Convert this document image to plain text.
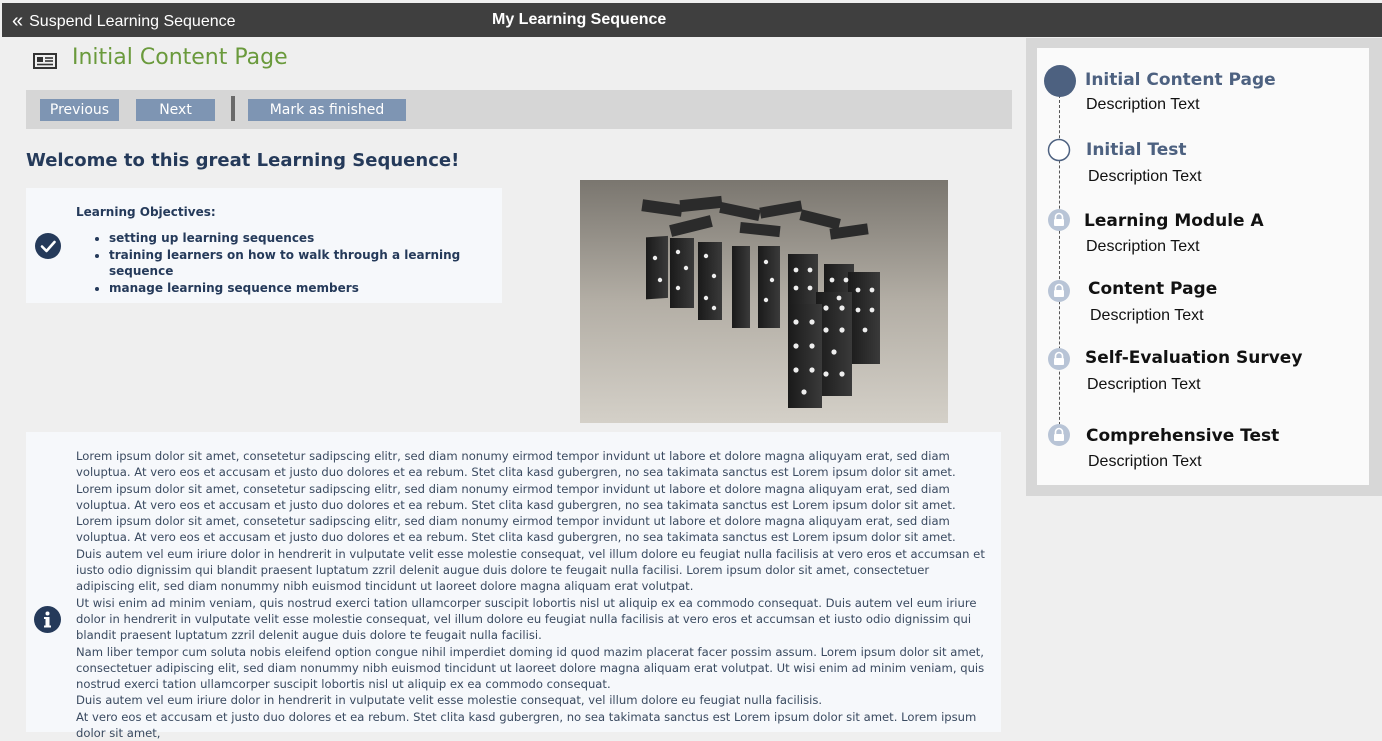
« Suspend Learning Sequence	My Learning Sequence
Initial Content Page
Previous	Next	Mark as finished
Welcome to this great Learning Sequence!
Learning Objectives:
• setting up learning sequences
• training learners on how to walk through a learning sequence
• manage learning sequence members

Lorem ipsum dolor sit amet, consetetur sadipscing elitr, sed diam nonumy eirmod tempor invidunt ut labore et dolore magna aliquyam erat, sed diam voluptua. At vero eos et accusam et justo duo dolores et ea rebum. Stet clita kasd gubergren, no sea takimata sanctus est Lorem ipsum dolor sit amet. Lorem ipsum dolor sit amet, consetetur sadipscing elitr, sed diam nonumy eirmod tempor invidunt ut labore et dolore magna aliquyam erat, sed diam voluptua. At vero eos et accusam et justo duo dolores et ea rebum. Stet clita kasd gubergren, no sea takimata sanctus est Lorem ipsum dolor sit amet. Lorem ipsum dolor sit amet, consetetur sadipscing elitr, sed diam nonumy eirmod tempor invidunt ut labore et dolore magna aliquyam erat, sed diam voluptua. At vero eos et accusam et justo duo dolores et ea rebum. Stet clita kasd gubergren, no sea takimata sanctus est Lorem ipsum dolor sit amet.

Duis autem vel eum iriure dolor in hendrerit in vulputate velit esse molestie consequat, vel illum dolore eu feugiat nulla facilisis at vero eros et accumsan et iusto odio dignissim qui blandit praesent luptatum zzril delenit augue duis dolore te feugait nulla facilisi. Lorem ipsum dolor sit amet, consectetuer adipiscing elit, sed diam nonummy nibh euismod tincidunt ut laoreet dolore magna aliquam erat volutpat.

Ut wisi enim ad minim veniam, quis nostrud exerci tation ullamcorper suscipit lobortis nisl ut aliquip ex ea commodo consequat. Duis autem vel eum iriure dolor in hendrerit in vulputate velit esse molestie consequat, vel illum dolore eu feugiat nulla facilisis at vero eros et accumsan et iusto odio dignissim qui blandit praesent luptatum zzril delenit augue duis dolore te feugait nulla facilisi.

Nam liber tempor cum soluta nobis eleifend option congue nihil imperdiet doming id quod mazim placerat facer possim assum. Lorem ipsum dolor sit amet, consectetuer adipiscing elit, sed diam nonummy nibh euismod tincidunt ut laoreet dolore magna aliquam erat volutpat. Ut wisi enim ad minim veniam, quis nostrud exerci tation ullamcorper suscipit lobortis nisl ut aliquip ex ea commodo consequat.

Duis autem vel eum iriure dolor in hendrerit in vulputate velit esse molestie consequat, vel illum dolore eu feugiat nulla facilisis.

At vero eos et accusam et justo duo dolores et ea rebum. Stet clita kasd gubergren, no sea takimata sanctus est Lorem ipsum dolor sit amet. Lorem ipsum dolor sit amet,

Initial Content Page
Description Text
Initial Test
Description Text
Learning Module A
Description Text
Content Page
Description Text
Self-Evaluation Survey
Description Text
Comprehensive Test
Description Text
